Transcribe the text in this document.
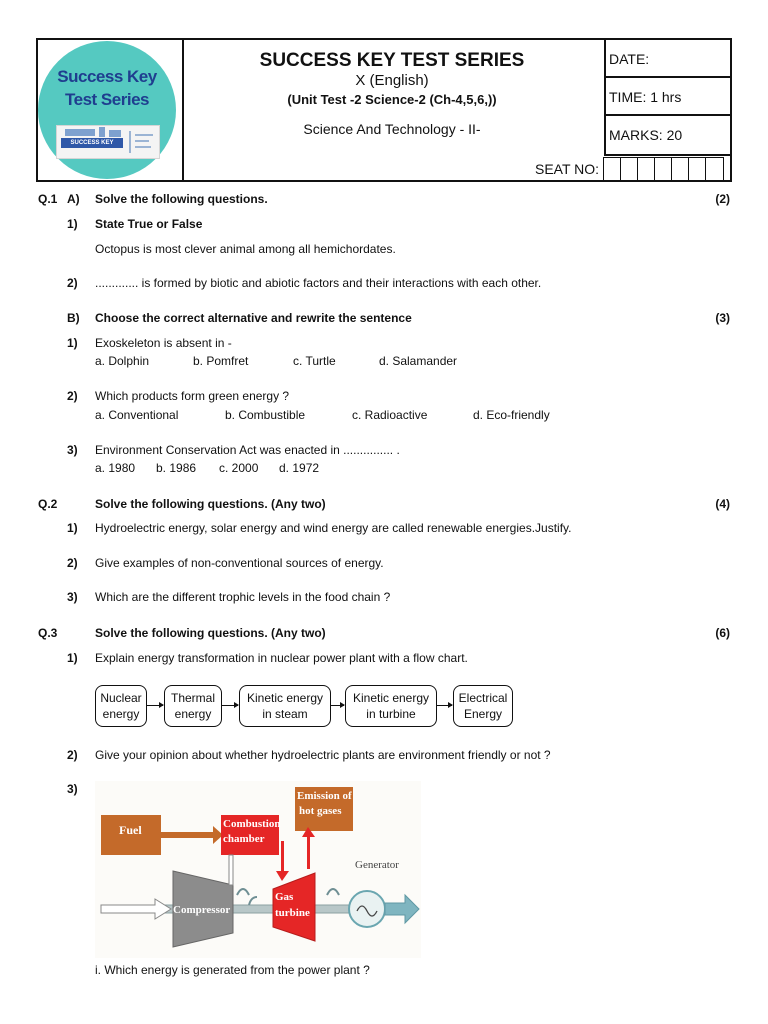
DATE:
TIME: 1 hrs
MARKS: 20
Success Key
Test Series
SUCCESS KEY
SUCCESS KEY TEST SERIES
X (English)
(Unit Test -2 Science-2 (Ch-4,5,6,))
Science And Technology - II-
SEAT NO:
Q.1 A) Solve the following questions.	(2)
1) State True or False
Octopus is most clever animal among all hemichordates.
2) ............. is formed by biotic and abiotic factors and their interactions with each other.
B) Choose the correct alternative and rewrite the sentence	(3)
1) Exoskeleton is absent in -
a. Dolphin	b. Pomfret	c. Turtle	d. Salamander
2) Which products form green energy ?
a. Conventional	b. Combustible	c. Radioactive	d. Eco-friendly
3) Environment Conservation Act was enacted in ............... .
a. 1980 b. 1986 c. 2000 d. 1972
Q.2	Solve the following questions. (Any two)	(4)
1) Hydroelectric energy, solar energy and wind energy are called renewable energies.Justify.
2) Give examples of non-conventional sources of energy.
3) Which are the different trophic levels in the food chain ?
Q.3	Solve the following questions. (Any two)	(6)
1) Explain energy transformation in nuclear power plant with a flow chart.
Nuclear
energy
Thermal
energy
Kinetic energy
in steam
Kinetic energy
in turbine
Electrical
Energy
2) Give your opinion about whether hydroelectric plants are environment friendly or not ?
3)
Fuel	Combustion
chamber
Emission of
hot gases
Generator
Compressor
Gas
turbine
i. Which energy is generated from the power plant ?
